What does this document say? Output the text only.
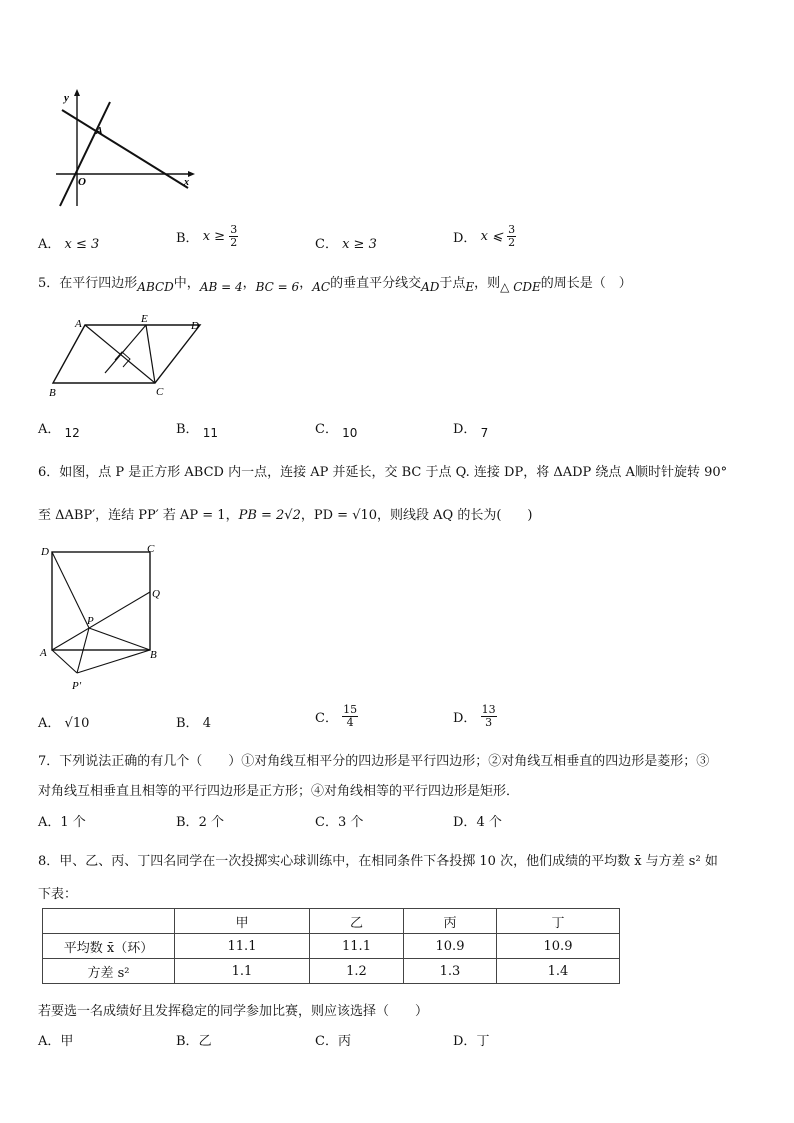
y
x
O
A
A． x ≤ 3	B． $x \ge \frac{3}{2}$	C． x ≥ 3	D． x ⩽ $\frac{3}{2}$
5．在平行四边形ABCD中，AB = 4，BC = 6，AC的垂直平分线交AD于点E，则△ CDE的周长是（　）
A	E
D
B	C
A． 12	B． 11	C． 10	D． 7
6．如图，点 P 是正方形 ABCD 内一点，连接 AP 并延长，交 BC 于点 Q. 连接 DP，将 ΔADP 绕点 A顺时针旋转 90°
至 ΔABP′，连结 PP′ 若 AP = 1，PB = 2√2，PD = √10，则线段 AQ 的长为(　　)
D	C
Q
P
A	B
P′
A． √10	B． 4	C． $\frac{15}{4}$	D． $\frac{13}{3}$
7．下列说法正确的有几个（　　）①对角线互相平分的四边形是平行四边形；②对角线互相垂直的四边形是菱形；③
对角线互相垂直且相等的平行四边形是正方形；④对角线相等的平行四边形是矩形．
A．1 个	B．2 个	C．3 个	D．4 个
8．甲、乙、丙、丁四名同学在一次投掷实心球训练中，在相同条件下各投掷 10 次，他们成绩的平均数 x̄ 与方差 s² 如
下表：
	甲	乙	丙	丁
平均数 x̄（环）	11.1	11.1	10.9	10.9
方差 s²	1.1	1.2	1.3	1.4
若要选一名成绩好且发挥稳定的同学参加比赛，则应该选择（　　）
A．甲	B．乙	C．丙	D．丁
